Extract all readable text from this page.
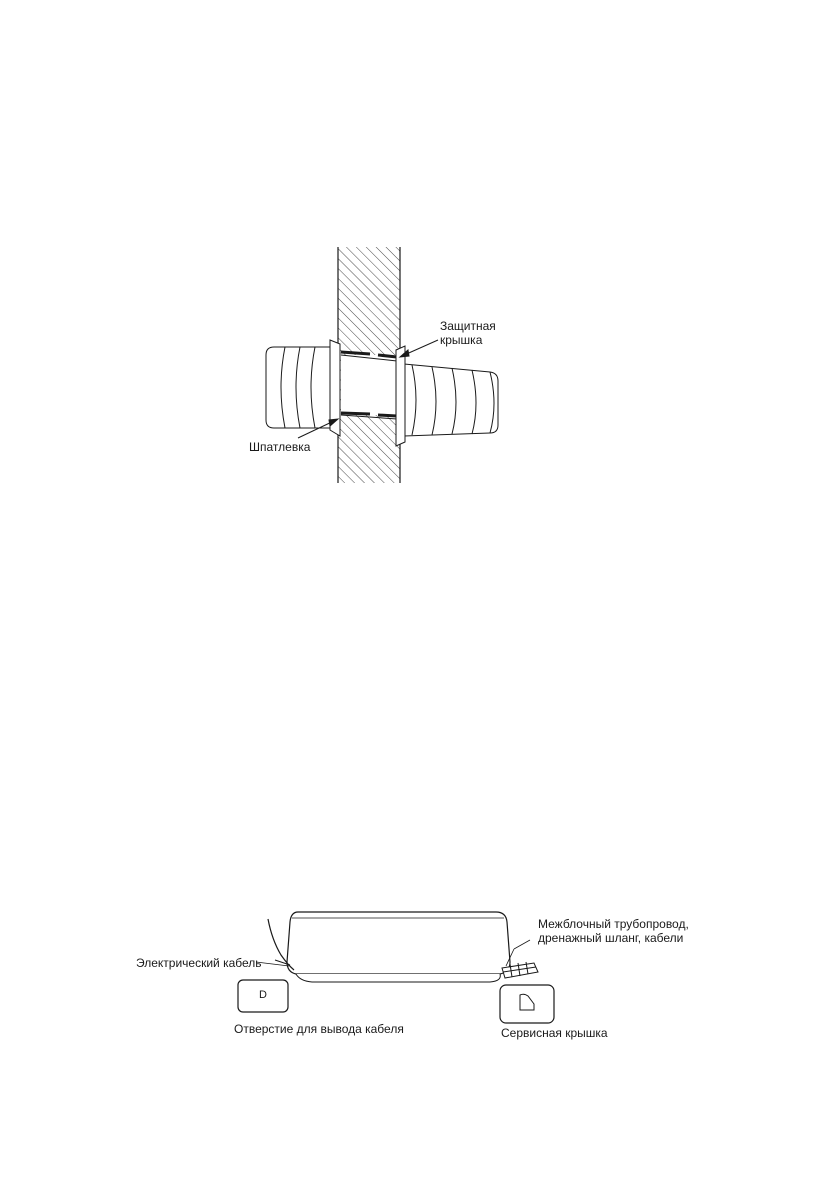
Защитная
крышка
Шпатлевка
D
Межблочный трубопровод,
дренажный шланг, кабели
Электрический кабель
Отверстие для вывода кабеля	Сервисная крышка
